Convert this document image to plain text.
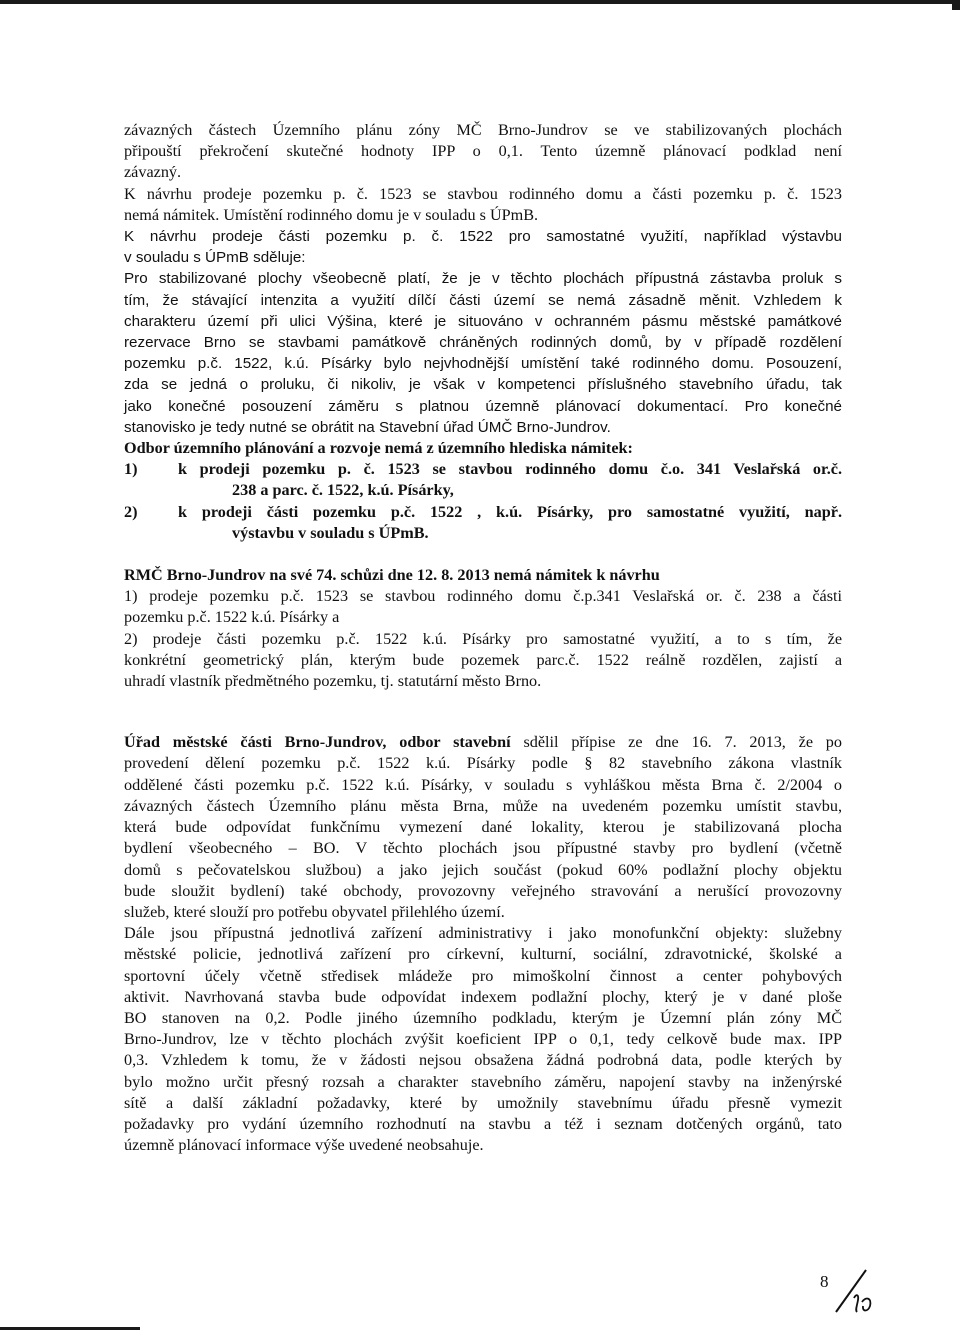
závazných částech Územního plánu zóny MČ Brno-Jundrov se ve stabilizovaných plochách
připouští překročení skutečné hodnoty IPP o 0,1. Tento územně plánovací podklad není
závazný.
K návrhu prodeje pozemku p. č. 1523 se stavbou rodinného domu a části pozemku p. č. 1523
nemá námitek. Umístění rodinného domu je v souladu s ÚPmB.
K návrhu prodeje části pozemku p. č. 1522 pro samostatné využití, například výstavbu
v souladu s ÚPmB sděluje:
Pro stabilizované plochy všeobecně platí, že je v těchto plochách přípustná zástavba proluk s
tím, že stávající intenzita a využití dílčí části území se nemá zásadně měnit. Vzhledem k
charakteru území při ulici Výšina, které je situováno v ochranném pásmu městské památkové
rezervace Brno se stavbami památkově chráněných rodinných domů, by v případě rozdělení
pozemku p.č. 1522, k.ú. Písárky bylo nejvhodnější umístění také rodinného domu. Posouzení,
zda se jedná o proluku, či nikoliv, je však v kompetenci příslušného stavebního úřadu, tak
jako konečné posouzení záměru s platnou územně plánovací dokumentací. Pro konečné
stanovisko je tedy nutné se obrátit na Stavební úřad ÚMČ Brno-Jundrov.
Odbor územního plánování a rozvoje nemá z územního hlediska námitek:
1)	k prodeji pozemku p. č. 1523 se stavbou rodinného domu č.o. 341 Veslařská or.č.
238 a parc. č. 1522, k.ú. Písárky,
2)	k prodeji části pozemku p.č. 1522 , k.ú. Písárky, pro samostatné využití, např.
výstavbu v souladu s ÚPmB.
RMČ Brno-Jundrov na své 74. schůzi dne 12. 8. 2013 nemá námitek k návrhu
1) prodeje pozemku p.č. 1523 se stavbou rodinného domu č.p.341 Veslařská or. č. 238 a části
pozemku p.č. 1522 k.ú. Písárky a
2) prodeje části pozemku p.č. 1522 k.ú. Písárky pro samostatné využití, a to s tím, že
konkrétní geometrický plán, kterým bude pozemek parc.č. 1522 reálně rozdělen, zajistí a
uhradí vlastník předmětného pozemku, tj. statutární město Brno.
Úřad městské části Brno-Jundrov, odbor stavební sdělil přípise ze dne 16. 7. 2013, že po
provedení dělení pozemku p.č. 1522 k.ú. Písárky podle § 82 stavebního zákona vlastník
oddělené části pozemku p.č. 1522 k.ú. Písárky, v souladu s vyhláškou města Brna č. 2/2004 o
závazných částech Územního plánu města Brna, může na uvedeném pozemku umístit stavbu,
která bude odpovídat funkčnímu vymezení dané lokality, kterou je stabilizovaná plocha
bydlení všeobecného – BO. V těchto plochách jsou přípustné stavby pro bydlení (včetně
domů s pečovatelskou službou) a jako jejich součást (pokud 60% podlažní plochy objektu
bude sloužit bydlení) také obchody, provozovny veřejného stravování a nerušící provozovny
služeb, které slouží pro potřebu obyvatel přilehlého území.
Dále jsou přípustná jednotlivá zařízení administrativy i jako monofunkční objekty: služebny
městské policie, jednotlivá zařízení pro církevní, kulturní, sociální, zdravotnické, školské a
sportovní účely včetně středisek mládeže pro mimoškolní činnost a center pohybových
aktivit. Navrhovaná stavba bude odpovídat indexem podlažní plochy, který je v dané ploše
BO stanoven na 0,2. Podle jiného územního podkladu, kterým je Územní plán zóny MČ
Brno-Jundrov, lze v těchto plochách zvýšit koeficient IPP o 0,1, tedy celkově bude max. IPP
0,3. Vzhledem k tomu, že v žádosti nejsou obsažena žádná podrobná data, podle kterých by
bylo možno určit přesný rozsah a charakter stavebního záměru, napojení stavby na inženýrské
sítě a další základní požadavky, které by umožnily stavebnímu úřadu přesně vymezit
požadavky pro vydání územního rozhodnutí na stavbu a též i seznam dotčených orgánů, tato
územně plánovací informace výše uvedené neobsahuje.
8
